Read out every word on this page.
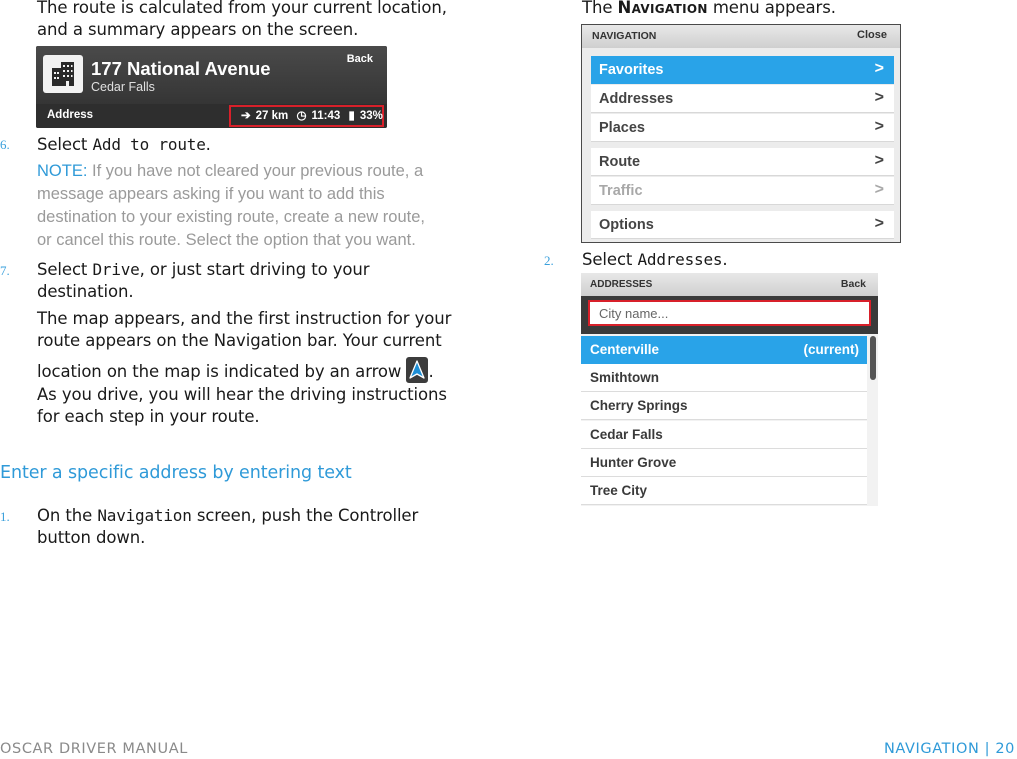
The route is calculated from your current location,
and a summary appears on the screen.
177 National Avenue
Cedar Falls
Back
Address	➔ 27 km ◷ 11:43 ▮ 33%
6. Select Add to route.
NOTE: If you have not cleared your previous route, a
message appears asking if you want to add this
destination to your existing route, create a new route,
or cancel this route. Select the option that you want.
7. Select Drive, or just start driving to your
destination.
The map appears, and the first instruction for your
route appears on the Navigation bar. Your current
location on the map is indicated by an arrow .
As you drive, you will hear the driving instructions
for each step in your route.
Enter a specific address by entering text
1. On the Navigation screen, push the Controller
button down.
The Navigation menu appears.
NAVIGATION	Close
Favorites	>
Addresses	>
Places	>
Route	>
Traffic	>
Options	>
2. Select Addresses.
ADDRESSES	Back
City name...
Centerville	(current)
Smithtown
Cherry Springs
Cedar Falls
Hunter Grove
Tree City
OSCAR DRIVER MANUAL	NAVIGATION | 20
